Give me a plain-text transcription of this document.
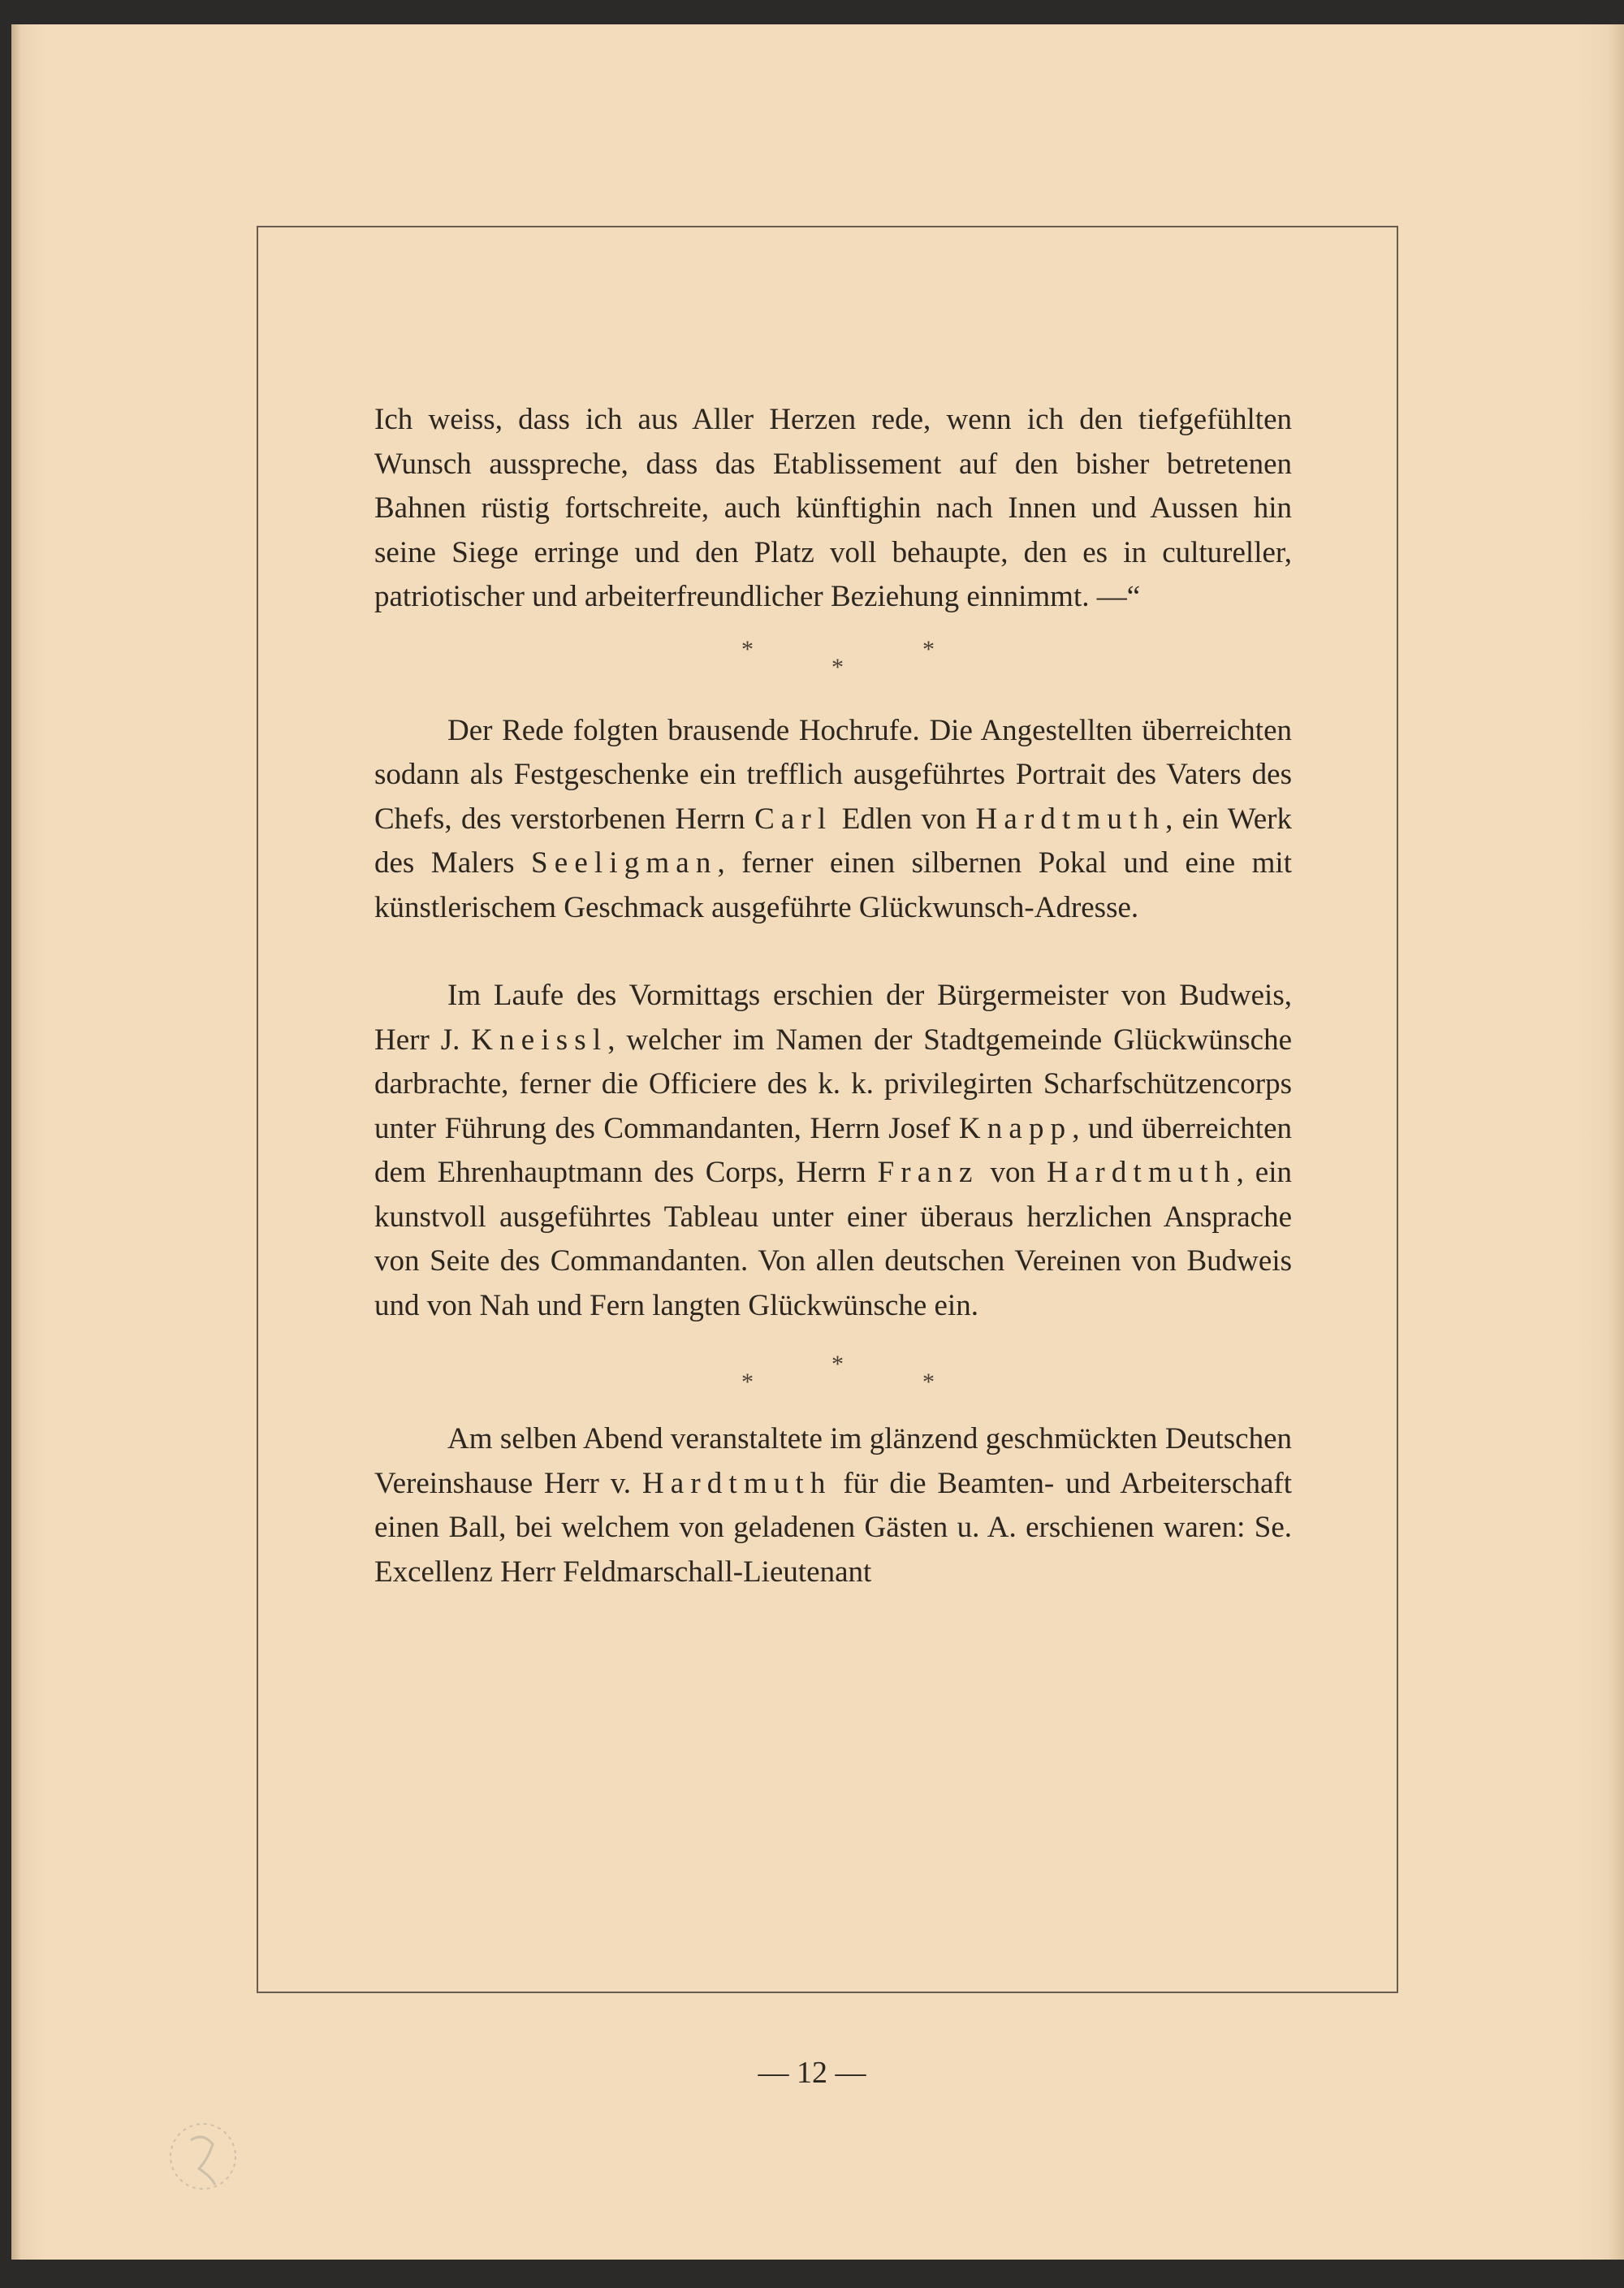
Ich weiss, dass ich aus Aller Herzen rede, wenn ich den tiefgefühlten Wunsch ausspreche, dass das Etablissement auf den bisher betretenen Bahnen rüstig fortschreite, auch künftighin nach Innen und Aussen hin seine Siege erringe und den Platz voll behaupte, den es in cultureller, patriotischer und arbeiterfreundlicher Beziehung einnimmt. —“

*
*
*

Der Rede folgten brausende Hochrufe. Die Angestellten überreichten sodann als Festgeschenke ein trefflich ausgeführtes Portrait des Vaters des Chefs, des verstorbenen Herrn Carl Edlen von Hardtmuth, ein Werk des Malers Seeligman, ferner einen silbernen Pokal und eine mit künstlerischem Geschmack ausgeführte Glückwunsch-Adresse.

Im Laufe des Vormittags erschien der Bürgermeister von Budweis, Herr J. Kneissl, welcher im Namen der Stadtgemeinde Glückwünsche darbrachte, ferner die Officiere des k. k. privilegirten Scharfschützencorps unter Führung des Commandanten, Herrn Josef Knapp, und überreichten dem Ehrenhauptmann des Corps, Herrn Franz von Hardtmuth, ein kunstvoll ausgeführtes Tableau unter einer überaus herzlichen Ansprache von Seite des Commandanten. Von allen deutschen Vereinen von Budweis und von Nah und Fern langten Glückwünsche ein.

*
*
*

Am selben Abend veranstaltete im glänzend geschmückten Deutschen Vereinshause Herr v. Hardtmuth für die Beamten- und Arbeiterschaft einen Ball, bei welchem von geladenen Gästen u. A. erschienen waren: Se. Excellenz Herr Feldmarschall-Lieutenant

— 12 —
